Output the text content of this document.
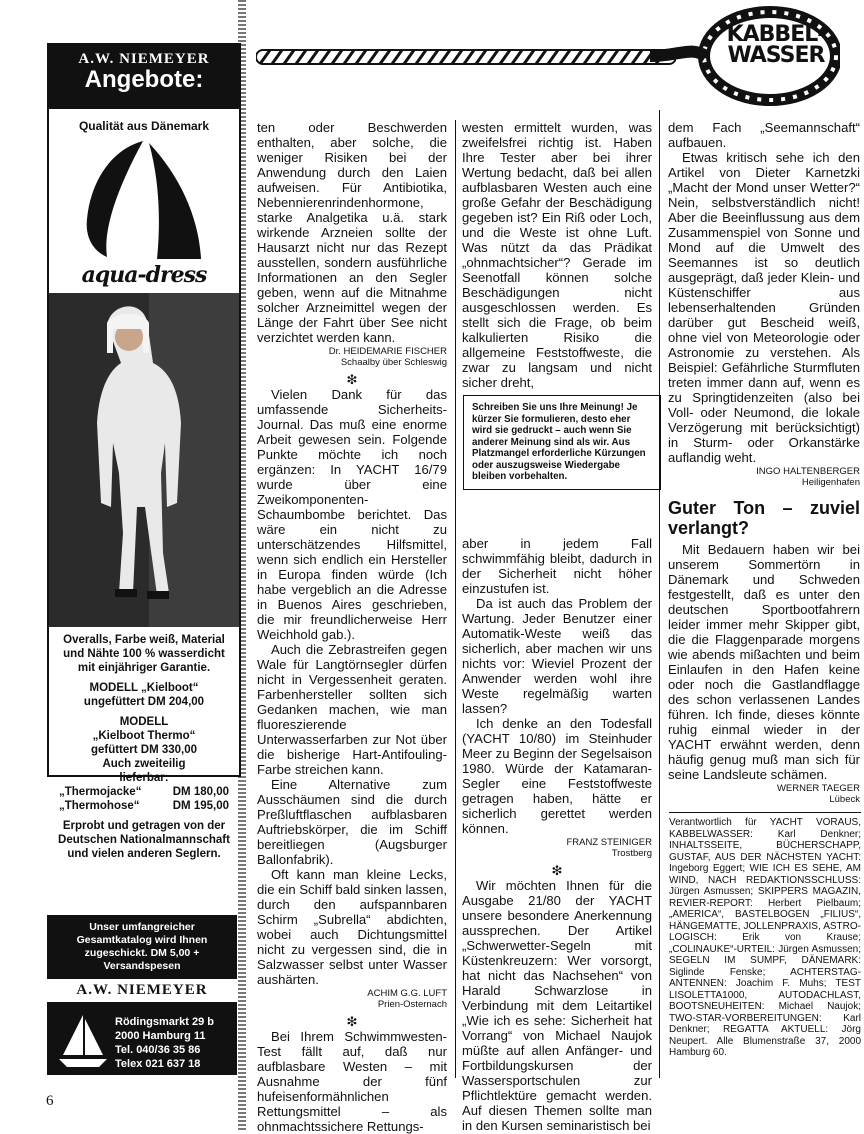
A.W. NIEMEYER
Angebote:
Qualität aus Dänemark
aqua-dress

Overalls, Farbe weiß, Material und Nähte 100 % wasserdicht mit einjähriger Garantie.

MODELL „Kielboot“

ungefüttert DM 204,00

MODELL
„Kielboot Thermo“
gefüttert DM 330,00
Auch zweiteilig
lieferbar:
„Thermojacke“	DM 180,00

„Thermohose“	DM 195,00

Erprobt und getragen von der Deutschen Nationalmannschaft und vielen anderen Seglern.

Unser umfangreicher Gesamtkatalog wird Ihnen zugeschickt. DM 5,00 + Versandspesen
A.W. NIEMEYER
Rödingsmarkt 29 b
2000 Hamburg 11
Tel. 040/36 35 86
Telex 021 637 18
KABBEL-
WASSER

ten oder Beschwerden enthalten, aber solche, die weniger Risiken bei der Anwendung durch den Laien aufweisen. Für Antibiotika, Nebennierenrindenhormone, starke Analgetika u.ä. stark wirkende Arzneien sollte der Hausarzt nicht nur das Rezept ausstellen, sondern ausführliche Informationen an den Segler geben, wenn auf die Mitnahme solcher Arzneimittel wegen der Länge der Fahrt über See nicht verzichtet werden kann.

Dr. HEIDEMARIE FISCHER
Schaalby über Schleswig
❇

Vielen Dank für das umfassende Sicherheits-Journal. Das muß eine enorme Arbeit gewesen sein. Folgende Punkte möchte ich noch ergänzen: In YACHT 16/79 wurde über eine Zweikomponenten-Schaumbombe berichtet. Das wäre ein nicht zu unterschätzendes Hilfsmittel, wenn sich endlich ein Hersteller in Europa finden würde (Ich habe vergeblich an die Adresse in Buenos Aires geschrieben, die mir freundlicherweise Herr Weichhold gab.).

Auch die Zebrastreifen gegen Wale für Langtörnsegler dürfen nicht in Vergessenheit geraten. Farbenhersteller sollten sich Gedanken machen, wie man fluoreszierende Unterwasserfarben zur Not über die bisherige Hart-Antifouling-Farbe streichen kann.

Eine Alternative zum Ausschäumen sind die durch Preßluftflaschen aufblasbaren Auftriebskörper, die im Schiff bereitliegen (Augsburger Ballonfabrik).

Oft kann man kleine Lecks, die ein Schiff bald sinken lassen, durch den aufspannbaren Schirm „Subrella“ abdichten, wobei auch Dichtungsmittel nicht zu vergessen sind, die in Salzwasser selbst unter Wasser aushärten.

ACHIM G.G. LUFT
Prien-Osternach
❇

Bei Ihrem Schwimmwesten-Test fällt auf, daß nur aufblasbare Westen – mit Ausnahme der fünf hufeisenformähnlichen Rettungsmittel – als ohnmachtssichere Rettungs-

westen ermittelt wurden, was zweifelsfrei richtig ist. Haben Ihre Tester aber bei ihrer Wertung bedacht, daß bei allen aufblasbaren Westen auch eine große Gefahr der Beschädigung gegeben ist? Ein Riß oder Loch, und die Weste ist ohne Luft. Was nützt da das Prädikat „ohnmachtsicher“? Gerade im Seenotfall können solche Beschädigungen nicht ausgeschlossen werden. Es stellt sich die Frage, ob beim kalkulierten Risiko die allgemeine Feststoffweste, die zwar zu langsam und nicht sicher dreht,

Schreiben Sie uns Ihre Meinung! Je kürzer Sie formulieren, desto eher wird sie gedruckt – auch wenn Sie anderer Meinung sind als wir. Aus Platzmangel erforderliche Kürzungen oder auszugsweise Wiedergabe bleiben vorbehalten.

aber in jedem Fall schwimmfähig bleibt, dadurch in der Sicherheit nicht höher einzustufen ist.

Da ist auch das Problem der Wartung. Jeder Benutzer einer Automatik-Weste weiß das sicherlich, aber machen wir uns nichts vor: Wieviel Prozent der Anwender werden wohl ihre Weste regelmäßig warten lassen?

Ich denke an den Todesfall (YACHT 10/80) im Steinhuder Meer zu Beginn der Segelsaison 1980. Würde der Katamaran-Segler eine Feststoffweste getragen haben, hätte er sicherlich gerettet werden können.

FRANZ STEINIGER
Trostberg
❇

Wir möchten Ihnen für die Ausgabe 21/80 der YACHT unsere besondere Anerkennung aussprechen. Der Artikel „Schwerwetter-Segeln mit Küstenkreuzern: Wer vorsorgt, hat nicht das Nachsehen“ von Harald Schwarzlose in Verbindung mit dem Leitartikel „Wie ich es sehe: Sicherheit hat Vorrang“ von Michael Naujok müßte auf allen Anfänger- und Fortbildungskursen der Wassersportschulen zur Pflichtlektüre gemacht werden. Auf diesen Themen sollte man in den Kursen seminaristisch bei

dem Fach „Seemannschaft“ aufbauen.

Etwas kritisch sehe ich den Artikel von Dieter Karnetzki „Macht der Mond unser Wetter?“ Nein, selbstverständlich nicht! Aber die Beeinflussung aus dem Zusammenspiel von Sonne und Mond auf die Umwelt des Seemannes ist so deutlich ausgeprägt, daß jeder Klein- und Küstenschiffer aus lebenserhaltenden Gründen darüber gut Bescheid weiß, ohne viel von Meteorologie oder Astronomie zu verstehen. Als Beispiel: Gefährliche Sturmfluten treten immer dann auf, wenn es zu Springtidenzeiten (also bei Voll- oder Neumond, die lokale Verzögerung mit berücksichtigt) in Sturm- oder Orkanstärke auflandig weht.

INGO HALTENBERGER
Heiligenhafen
Guter Ton – zuviel verlangt?

Mit Bedauern haben wir bei unserem Sommertörn in Dänemark und Schweden festgestellt, daß es unter den deutschen Sportbootfahrern leider immer mehr Skipper gibt, die die Flaggenparade morgens wie abends mißachten und beim Einlaufen in den Hafen keine oder noch die Gastlandflagge des schon verlassenen Landes führen. Ich finde, dieses könnte ruhig einmal wieder in der YACHT erwähnt werden, denn häufig genug muß man sich für seine Landsleute schämen.

WERNER TAEGER
Lübeck
Verantwortlich für YACHT VORAUS, KABBELWASSER: Karl Denkner; INHALTSSEITE, BÜCHERSCHAPP, GUSTAF, AUS DER NÄCHSTEN YACHT: Ingeborg Eggert; WIE ICH ES SEHE, AM WIND, NACH REDAKTIONSSCHLUSS: Jürgen Asmussen; SKIPPERS MAGAZIN, REVIER-REPORT: Herbert Pielbaum; „AMERICA“, BASTELBOGEN „FILIUS“, HÄNGEMATTE, JOLLENPRAXIS, ASTRO-LOGISCH: Erik von Krause; „COLINAUKE“-URTEIL: Jürgen Asmussen; SEGELN IM SUMPF, DÄNEMARK: Siglinde Fenske; ACHTERSTAG-ANTENNEN: Joachim F. Muhs; TEST LISOLETTA1000, AUTODACHLAST, BOOTSNEUHEITEN: Michael Naujok; TWO-STAR-VORBEREITUNGEN: Karl Denkner; REGATTA AKTUELL: Jörg Neupert. Alle Blumenstraße 37, 2000 Hamburg 60.
6
